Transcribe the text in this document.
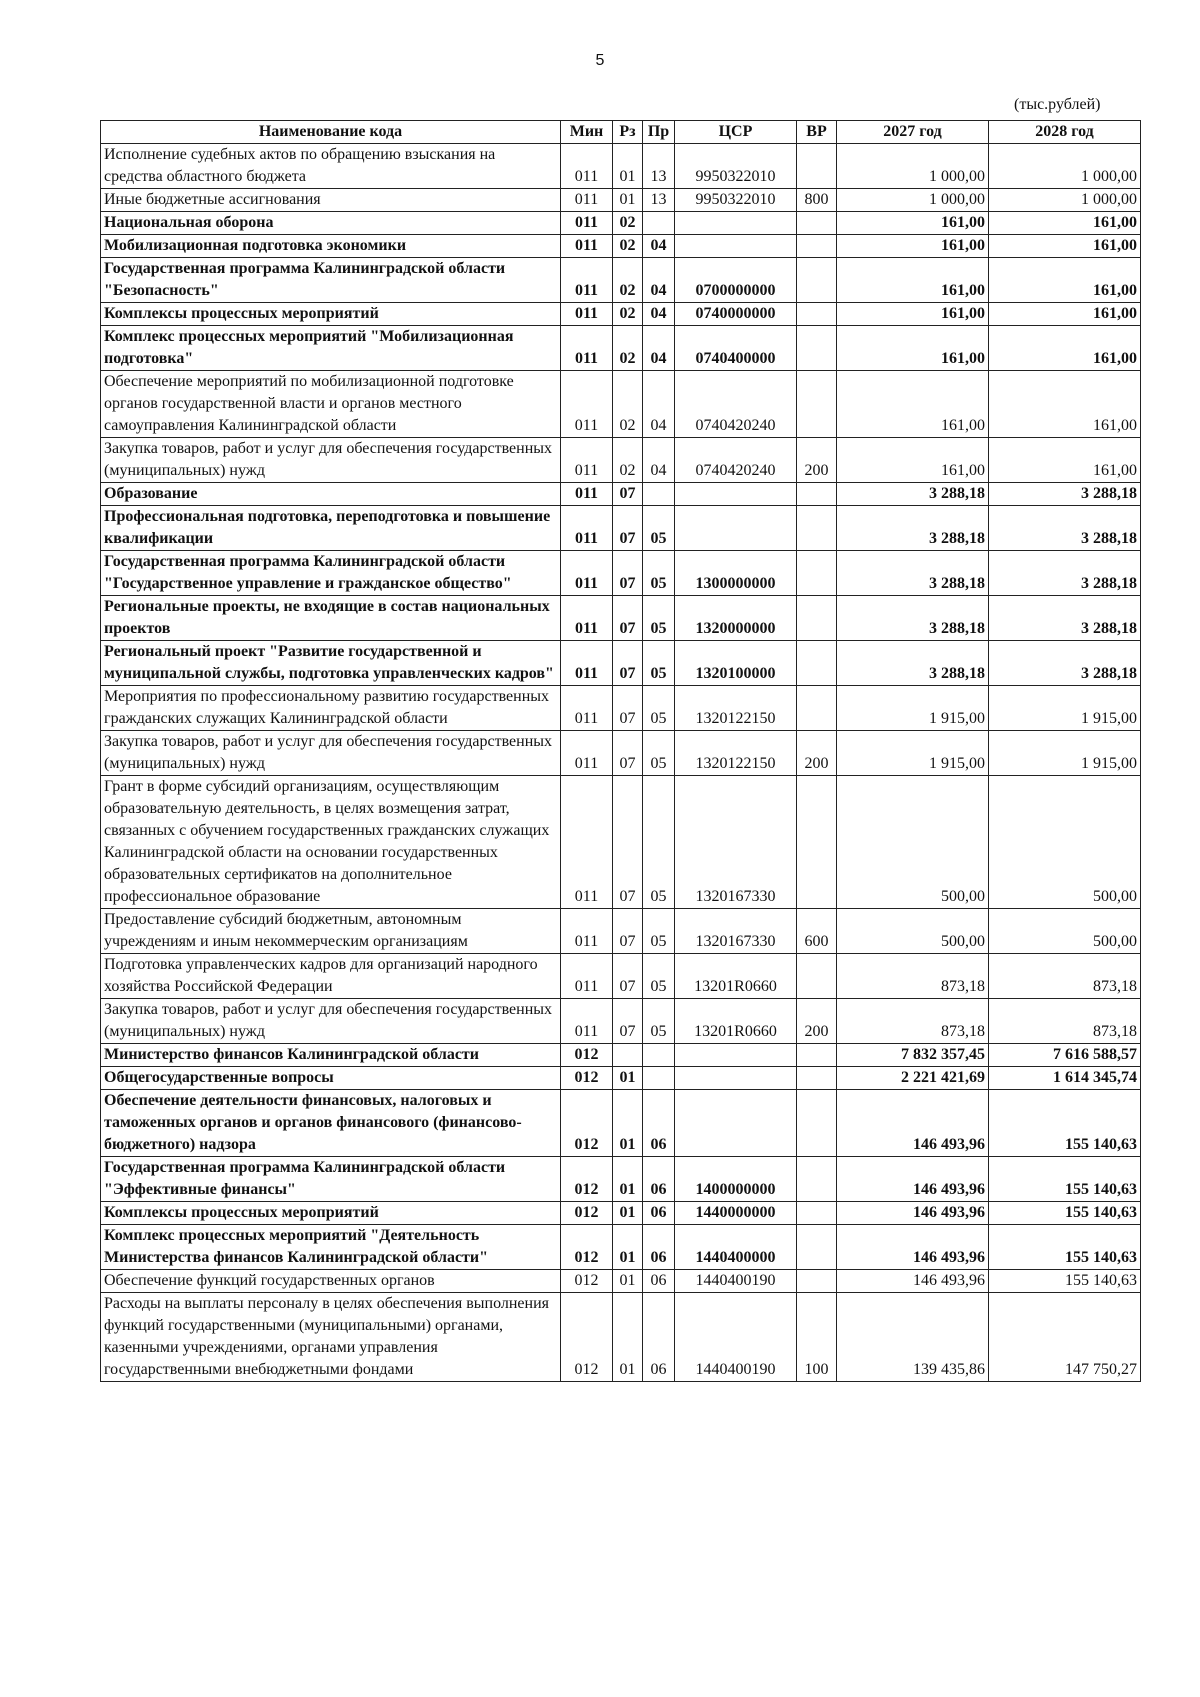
5
(тыс.рублей)
Наименование кода	Мин	Рз	Пр	ЦСР	ВР	2027 год	2028 год
Исполнение судебных актов по обращению взыскания на средства областного бюджета	011	01	13	9950322010		1 000,00	1 000,00
Иные бюджетные ассигнования	011	01	13	9950322010	800	1 000,00	1 000,00
Национальная оборона	011	02				161,00	161,00
Мобилизационная подготовка экономики	011	02	04			161,00	161,00
Государственная программа Калининградской области "Безопасность"	011	02	04	0700000000		161,00	161,00
Комплексы процессных мероприятий	011	02	04	0740000000		161,00	161,00
Комплекс процессных мероприятий "Мобилизационная подготовка"	011	02	04	0740400000		161,00	161,00
Обеспечение мероприятий по мобилизационной подготовке органов государственной власти и органов местного самоуправления Калининградской области	011	02	04	0740420240		161,00	161,00
Закупка товаров, работ и услуг для обеспечения государственных (муниципальных) нужд	011	02	04	0740420240	200	161,00	161,00
Образование	011	07				3 288,18	3 288,18
Профессиональная подготовка, переподготовка и повышение квалификации	011	07	05			3 288,18	3 288,18
Государственная программа Калининградской области "Государственное управление и гражданское общество"	011	07	05	1300000000		3 288,18	3 288,18
Региональные проекты, не входящие в состав национальных проектов	011	07	05	1320000000		3 288,18	3 288,18
Региональный проект "Развитие государственной и муниципальной службы, подготовка управленческих кадров"	011	07	05	1320100000		3 288,18	3 288,18
Мероприятия по профессиональному развитию государственных гражданских служащих Калининградской области	011	07	05	1320122150		1 915,00	1 915,00
Закупка товаров, работ и услуг для обеспечения государственных (муниципальных) нужд	011	07	05	1320122150	200	1 915,00	1 915,00
Грант в форме субсидий организациям, осуществляющим образовательную деятельность, в целях возмещения затрат, связанных с обучением государственных гражданских служащих Калининградской области на основании государственных образовательных сертификатов на дополнительное профессиональное образование	011	07	05	1320167330		500,00	500,00
Предоставление субсидий бюджетным, автономным учреждениям и иным некоммерческим организациям	011	07	05	1320167330	600	500,00	500,00
Подготовка управленческих кадров для организаций народного хозяйства Российской Федерации	011	07	05	13201R0660		873,18	873,18
Закупка товаров, работ и услуг для обеспечения государственных (муниципальных) нужд	011	07	05	13201R0660	200	873,18	873,18
Министерство финансов Калининградской области	012					7 832 357,45	7 616 588,57
Общегосударственные вопросы	012	01				2 221 421,69	1 614 345,74
Обеспечение деятельности финансовых, налоговых и таможенных органов и органов финансового (финансово-бюджетного) надзора	012	01	06			146 493,96	155 140,63
Государственная программа Калининградской области "Эффективные финансы"	012	01	06	1400000000		146 493,96	155 140,63
Комплексы процессных мероприятий	012	01	06	1440000000		146 493,96	155 140,63
Комплекс процессных мероприятий "Деятельность Министерства финансов Калининградской области"	012	01	06	1440400000		146 493,96	155 140,63
Обеспечение функций государственных органов	012	01	06	1440400190		146 493,96	155 140,63
Расходы на выплаты персоналу в целях обеспечения выполнения функций государственными (муниципальными) органами, казенными учреждениями, органами управления государственными внебюджетными фондами	012	01	06	1440400190	100	139 435,86	147 750,27
